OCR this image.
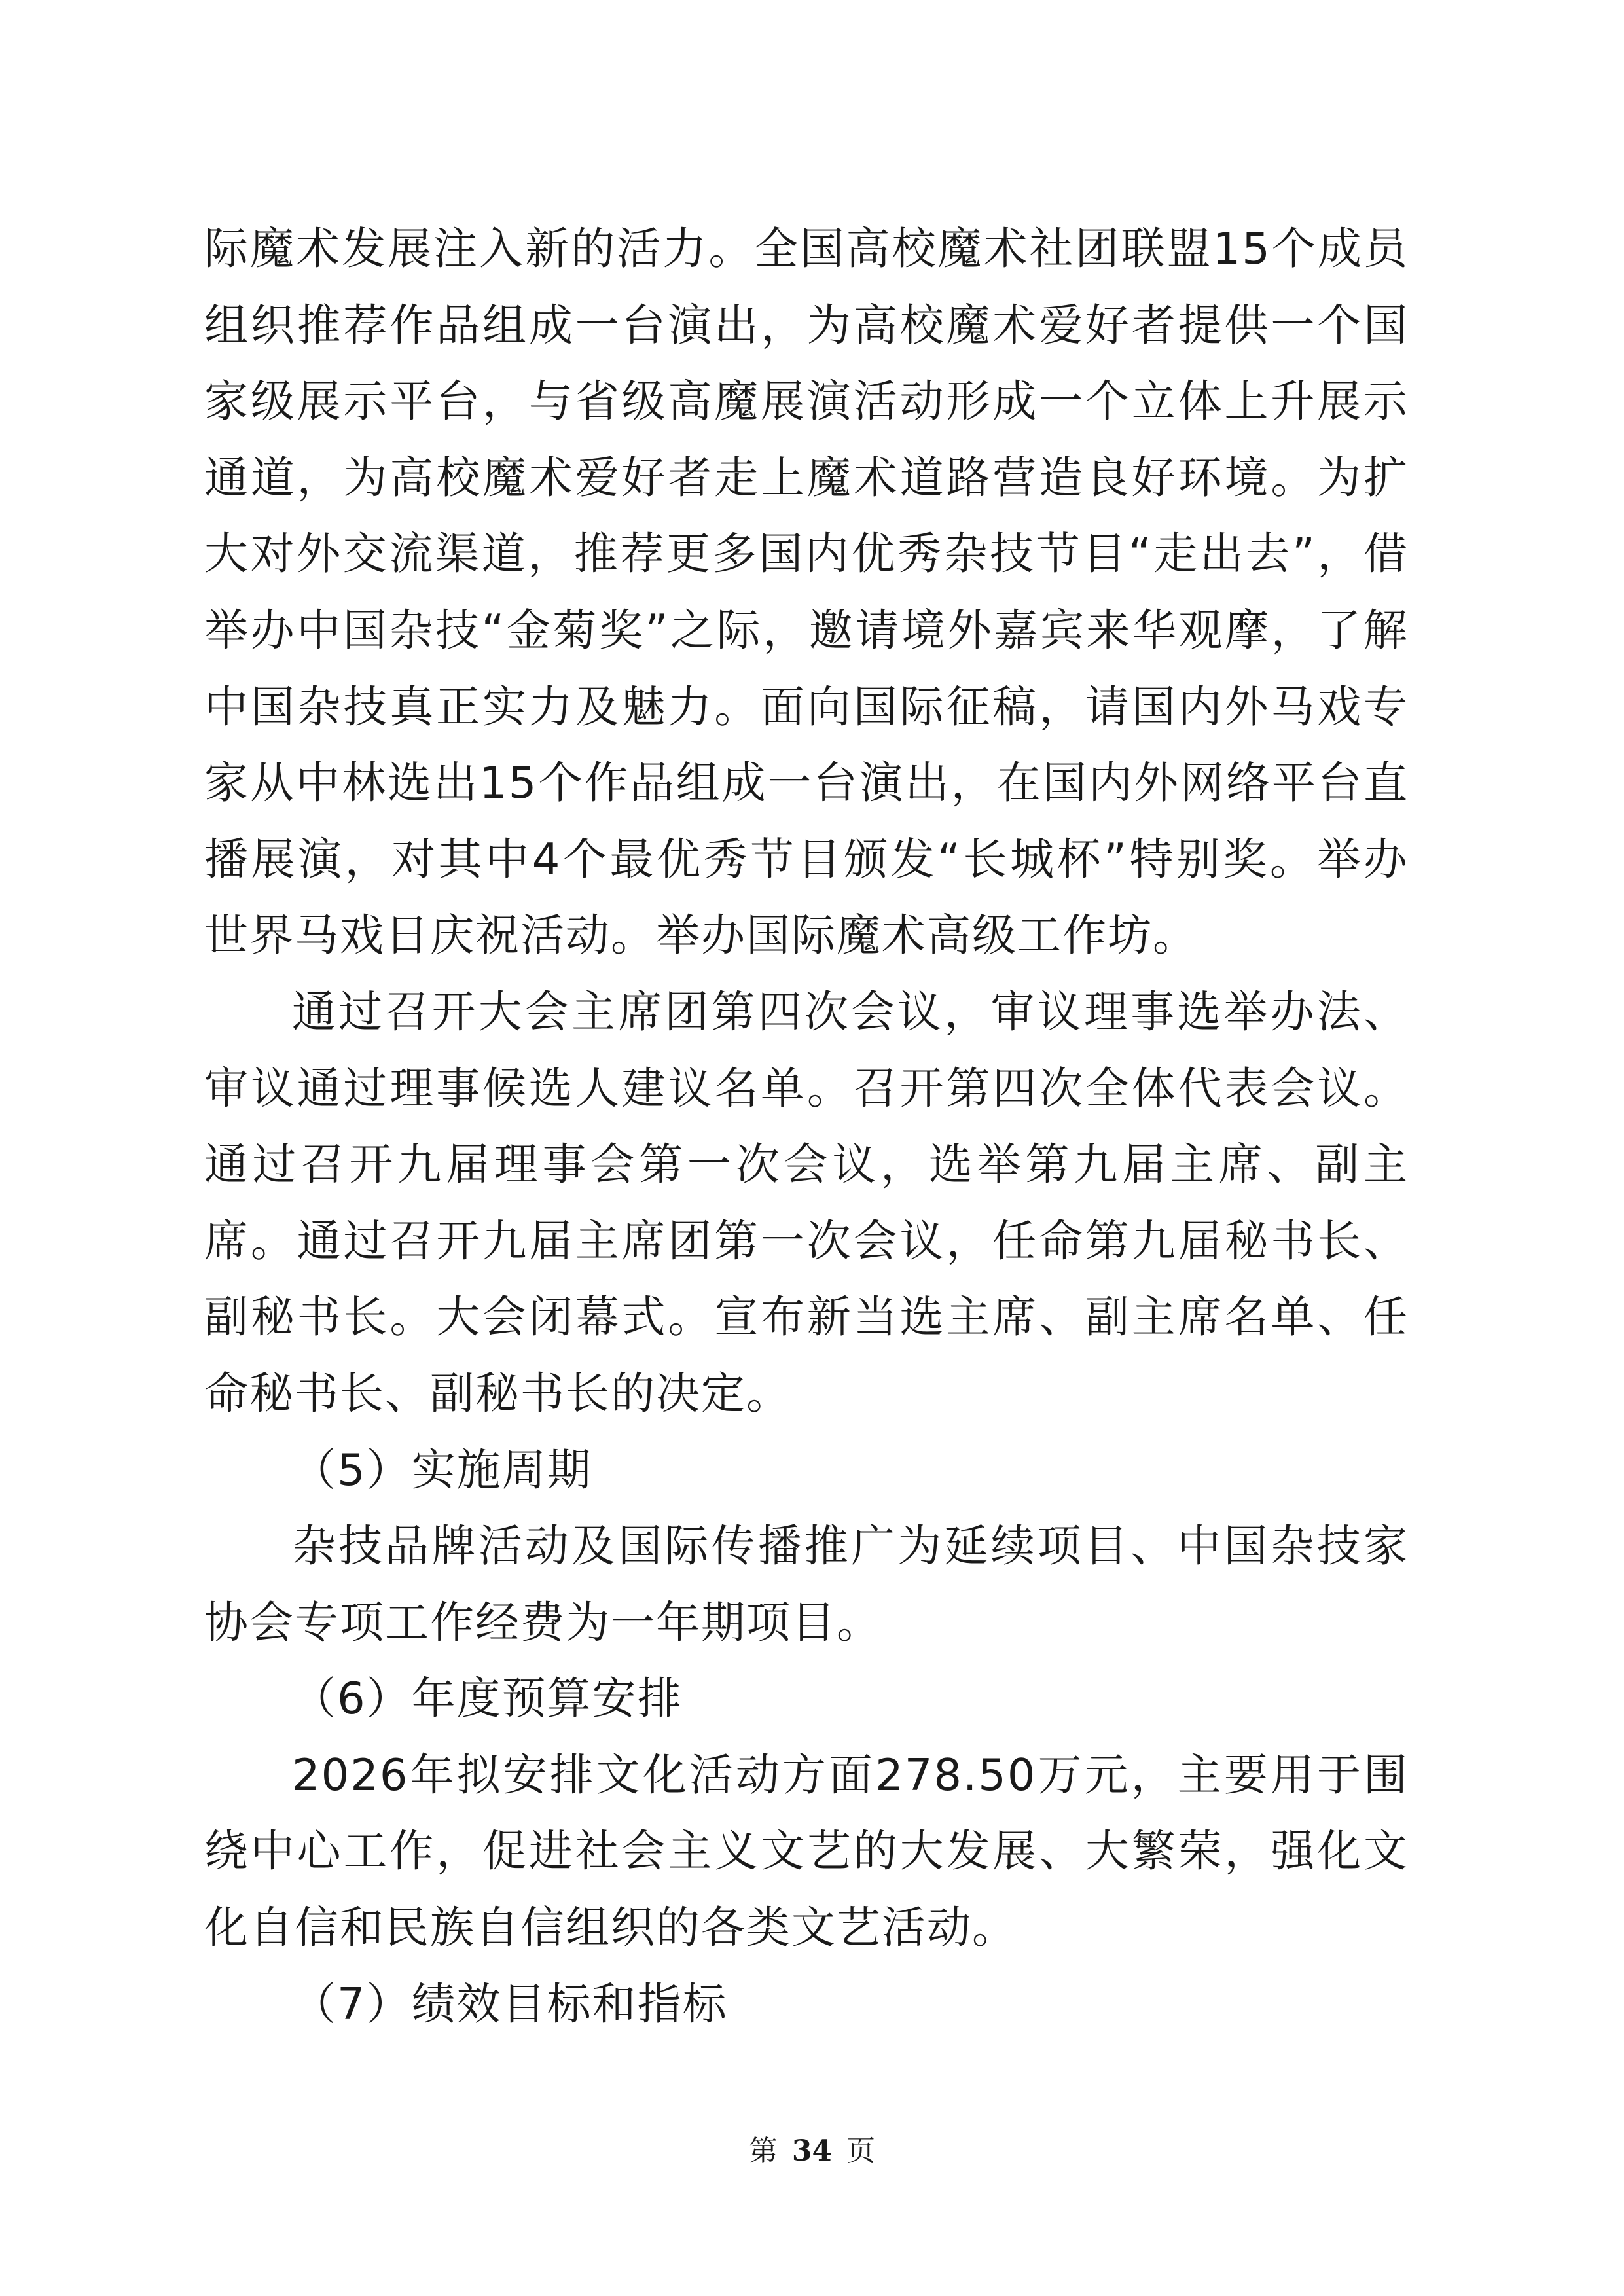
际魔术发展注入新的活力。全国高校魔术社团联盟15个成员组织推荐作品组成一台演出，为高校魔术爱好者提供一个国家级展示平台，与省级高魔展演活动形成一个立体上升展示通道，为高校魔术爱好者走上魔术道路营造良好环境。为扩大对外交流渠道，推荐更多国内优秀杂技节目“走出去”，借举办中国杂技“金菊奖”之际，邀请境外嘉宾来华观摩，了解中国杂技真正实力及魅力。面向国际征稿，请国内外马戏专家从中林选出15个作品组成一台演出，在国内外网络平台直播展演，对其中4个最优秀节目颁发“长城杯”特别奖。举办世界马戏日庆祝活动。举办国际魔术高级工作坊。

通过召开大会主席团第四次会议，审议理事选举办法、审议通过理事候选人建议名单。召开第四次全体代表会议。通过召开九届理事会第一次会议，选举第九届主席、副主席。通过召开九届主席团第一次会议，任命第九届秘书长、副秘书长。大会闭幕式。宣布新当选主席、副主席名单、任命秘书长、副秘书长的决定。

（5）实施周期

杂技品牌活动及国际传播推广为延续项目、中国杂技家协会专项工作经费为一年期项目。

（6）年度预算安排

2026年拟安排文化活动方面278.50万元，主要用于围绕中心工作，促进社会主义文艺的大发展、大繁荣，强化文化自信和民族自信组织的各类文艺活动。

（7）绩效目标和指标

第 34 页
